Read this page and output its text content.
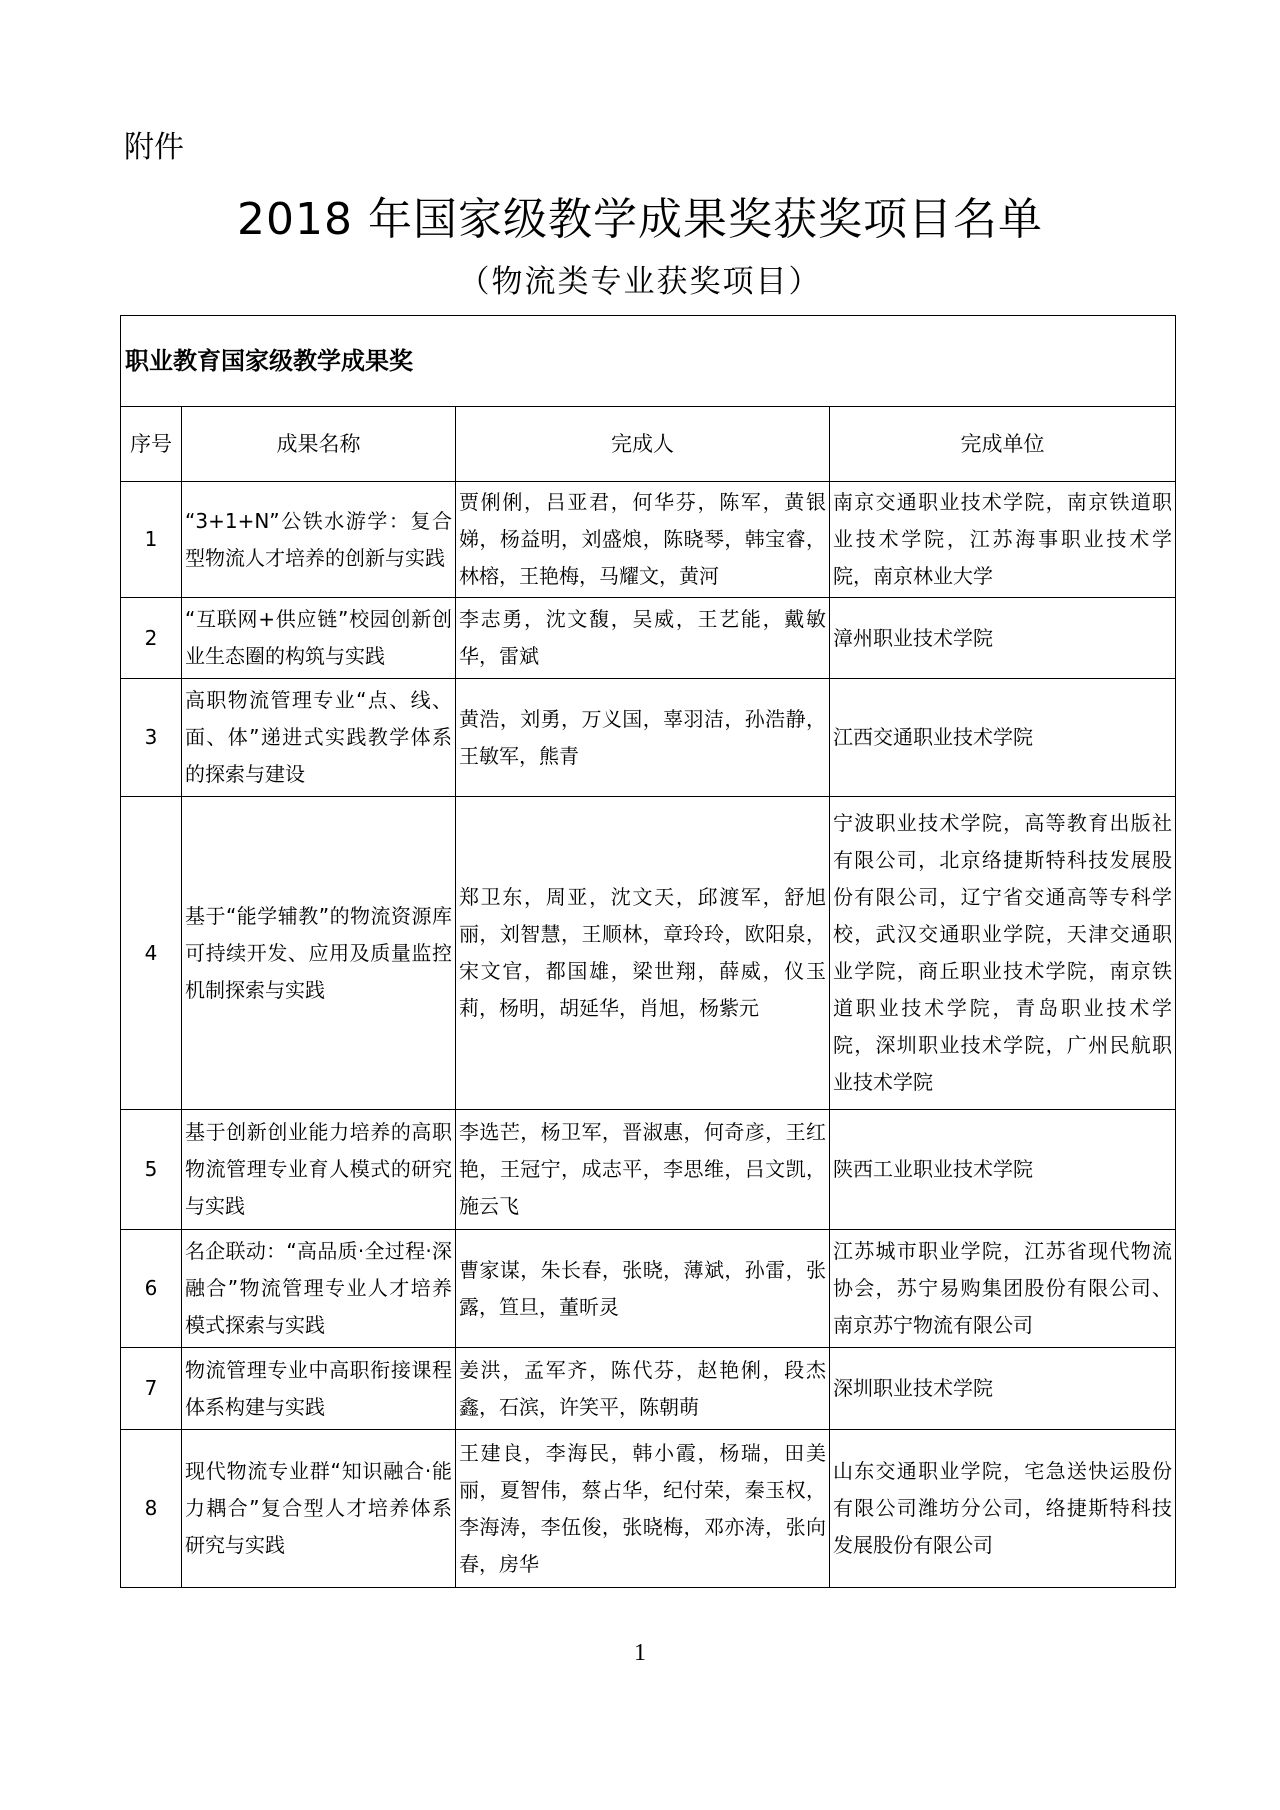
附件
2018 年国家级教学成果奖获奖项目名单
（物流类专业获奖项目）
职业教育国家级教学成果奖			
序号	成果名称	完成人	完成单位
1	“3+1+N”公铁水游学：复合型物流人才培养的创新与实践	贾俐俐，吕亚君，何华芬，陈军，黄银娣，杨益明，刘盛烺，陈晓琴，韩宝睿，林榕，王艳梅，马耀文，黄河	南京交通职业技术学院，南京铁道职业技术学院，江苏海事职业技术学院，南京林业大学
2	“互联网+供应链”校园创新创业生态圈的构筑与实践	李志勇，沈文馥，吴威，王艺能，戴敏华，雷斌	漳州职业技术学院
3	高职物流管理专业“点、线、面、体”递进式实践教学体系的探索与建设	黄浩，刘勇，万义国，辜羽洁，孙浩静，王敏军，熊青	江西交通职业技术学院
4	基于“能学辅教”的物流资源库可持续开发、应用及质量监控机制探索与实践	郑卫东，周亚，沈文天，邱渡军，舒旭丽，刘智慧，王顺林，章玲玲，欧阳泉，宋文官，都国雄，梁世翔，薛威，仪玉莉，杨明，胡延华，肖旭，杨紫元	宁波职业技术学院，高等教育出版社有限公司，北京络捷斯特科技发展股份有限公司，辽宁省交通高等专科学校，武汉交通职业学院，天津交通职业学院，商丘职业技术学院，南京铁道职业技术学院，青岛职业技术学院，深圳职业技术学院，广州民航职业技术学院
5	基于创新创业能力培养的高职物流管理专业育人模式的研究与实践	李选芒，杨卫军，晋淑惠，何奇彦，王红艳，王冠宁，成志平，李思维，吕文凯，施云飞	陕西工业职业技术学院
6	名企联动：“高品质·全过程·深融合”物流管理专业人才培养模式探索与实践	曹家谋，朱长春，张晓，薄斌，孙雷，张露，笪旦，董昕灵	江苏城市职业学院，江苏省现代物流协会，苏宁易购集团股份有限公司、南京苏宁物流有限公司
7	物流管理专业中高职衔接课程体系构建与实践	姜洪，孟军齐，陈代芬，赵艳俐，段杰鑫，石滨，许笑平，陈朝萌	深圳职业技术学院
8	现代物流专业群“知识融合·能力耦合”复合型人才培养体系研究与实践	王建良，李海民，韩小霞，杨瑞，田美丽，夏智伟，蔡占华，纪付荣，秦玉权，李海涛，李伍俊，张晓梅，邓亦涛，张向春，房华	山东交通职业学院，宅急送快运股份有限公司潍坊分公司，络捷斯特科技发展股份有限公司
1
